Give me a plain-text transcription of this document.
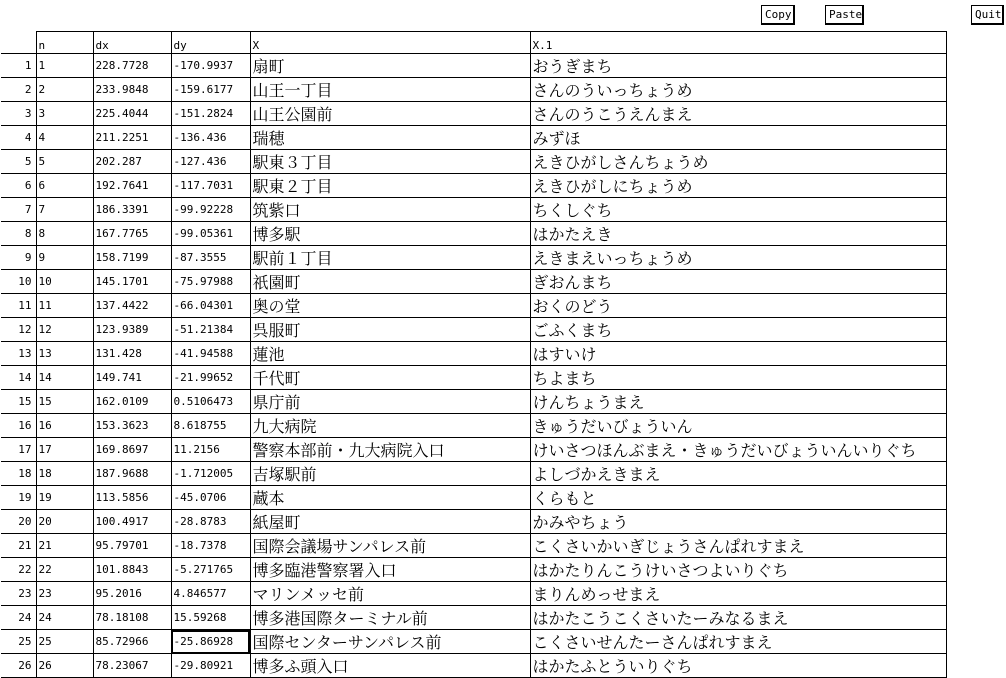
Copy	Paste	Quit
	n	dx	dy	X	X.1
1	1	228.7728	-170.9937	扇町	おうぎまち
2	2	233.9848	-159.6177	山王一丁目	さんのういっちょうめ
3	3	225.4044	-151.2824	山王公園前	さんのうこうえんまえ
4	4	211.2251	-136.436	瑞穂	みずほ
5	5	202.287	-127.436	駅東３丁目	えきひがしさんちょうめ
6	6	192.7641	-117.7031	駅東２丁目	えきひがしにちょうめ
7	7	186.3391	-99.92228	筑紫口	ちくしぐち
8	8	167.7765	-99.05361	博多駅	はかたえき
9	9	158.7199	-87.3555	駅前１丁目	えきまえいっちょうめ
10	10	145.1701	-75.97988	祇園町	ぎおんまち
11	11	137.4422	-66.04301	奥の堂	おくのどう
12	12	123.9389	-51.21384	呉服町	ごふくまち
13	13	131.428	-41.94588	蓮池	はすいけ
14	14	149.741	-21.99652	千代町	ちよまち
15	15	162.0109	0.5106473	県庁前	けんちょうまえ
16	16	153.3623	8.618755	九大病院	きゅうだいびょういん
17	17	169.8697	11.2156	警察本部前・九大病院入口	けいさつほんぶまえ・きゅうだいびょういんいりぐち
18	18	187.9688	-1.712005	吉塚駅前	よしづかえきまえ
19	19	113.5856	-45.0706	蔵本	くらもと
20	20	100.4917	-28.8783	紙屋町	かみやちょう
21	21	95.79701	-18.7378	国際会議場サンパレス前	こくさいかいぎじょうさんぱれすまえ
22	22	101.8843	-5.271765	博多臨港警察署入口	はかたりんこうけいさつよいりぐち
23	23	95.2016	4.846577	マリンメッセ前	まりんめっせまえ
24	24	78.18108	15.59268	博多港国際ターミナル前	はかたこうこくさいたーみなるまえ
25	25	85.72966	-25.86928	国際センターサンパレス前	こくさいせんたーさんぱれすまえ
26	26	78.23067	-29.80921	博多ふ頭入口	はかたふとういりぐち
